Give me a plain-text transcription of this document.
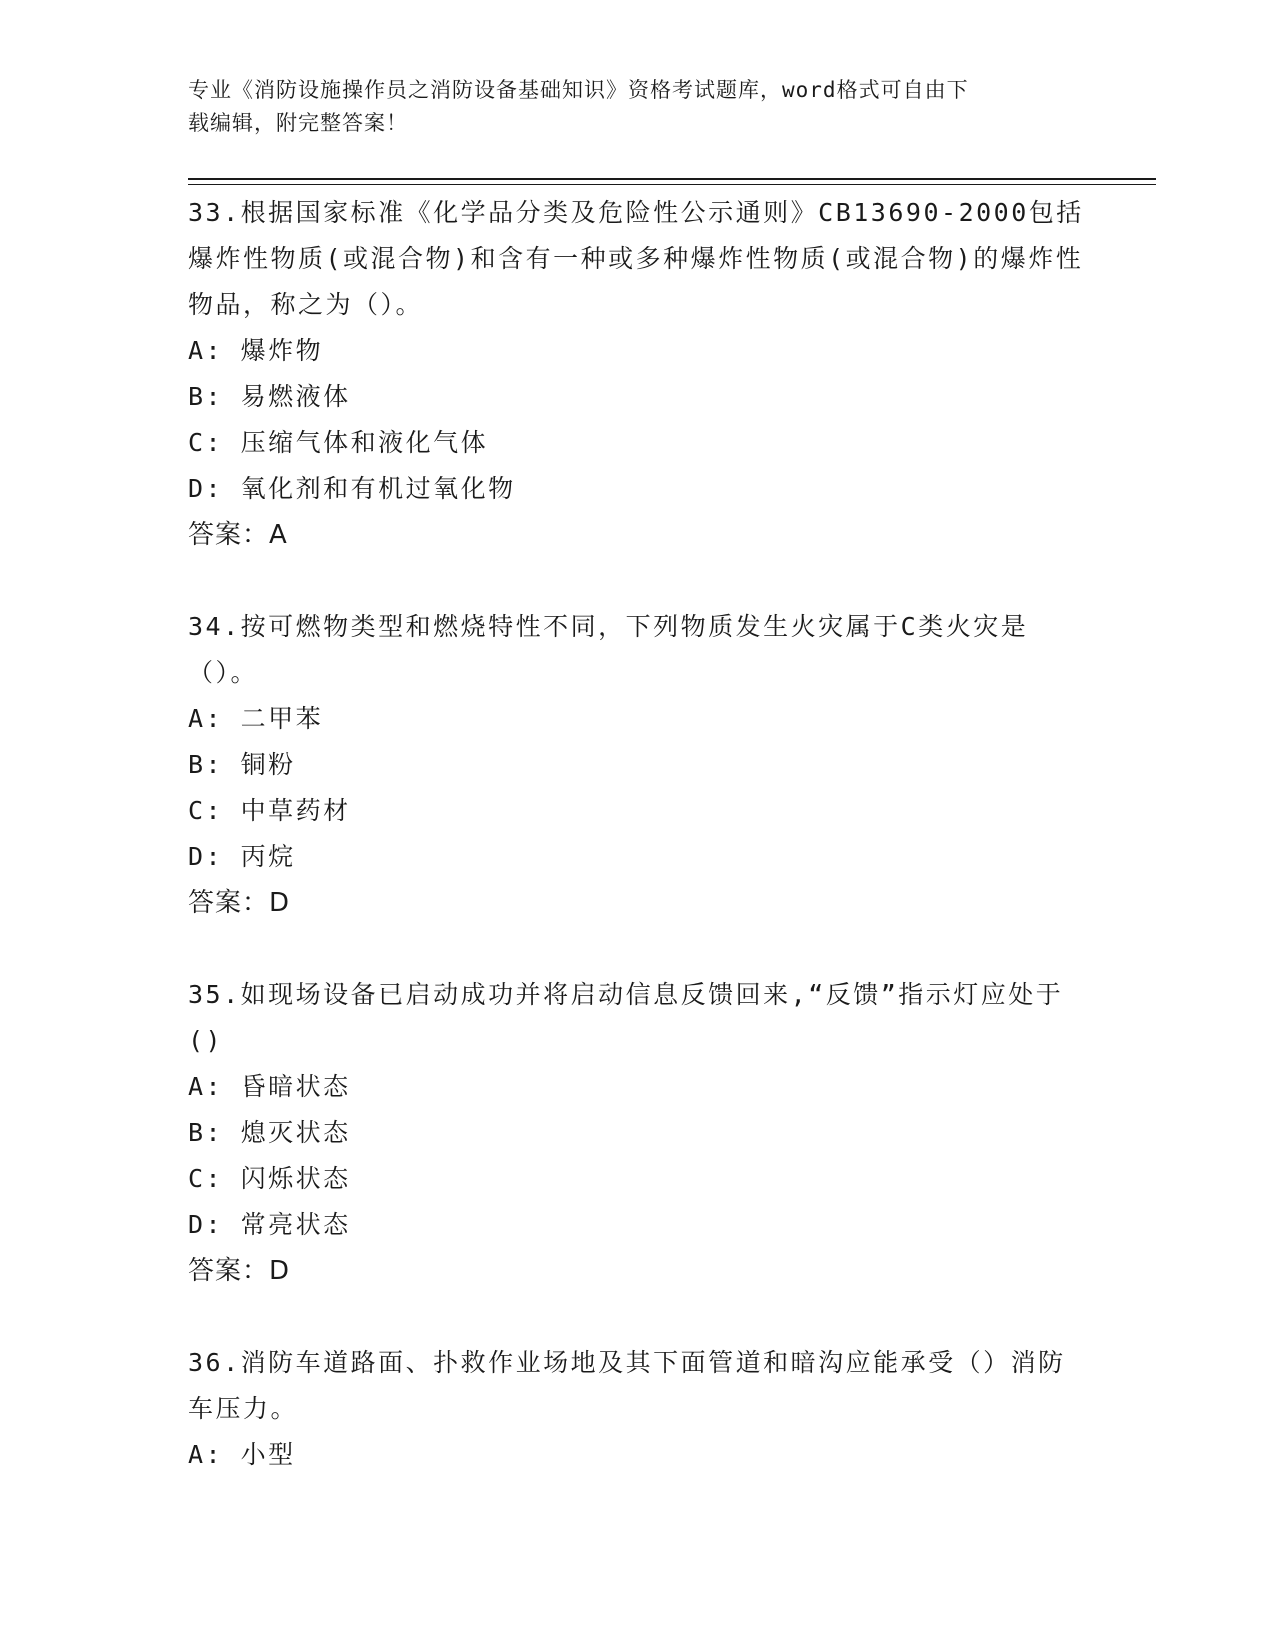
专业《消防设施操作员之消防设备基础知识》资格考试题库，word格式可自由下
载编辑，附完整答案！

33.根据国家标准《化学品分类及危险性公示通则》CB13690-2000包括爆炸性物质(或混合物)和含有一种或多种爆炸性物质(或混合物)的爆炸性物品，称之为（）。

A: 爆炸物
B: 易燃液体
C: 压缩气体和液化气体
D: 氧化剂和有机过氧化物
答案：A

34.按可燃物类型和燃烧特性不同，下列物质发生火灾属于C类火灾是（）。

A: 二甲苯
B: 铜粉
C: 中草药材
D: 丙烷
答案：D

35.如现场设备已启动成功并将启动信息反馈回来,“反馈”指示灯应处于()

A: 昏暗状态
B: 熄灭状态
C: 闪烁状态
D: 常亮状态
答案：D

36.消防车道路面、扑救作业场地及其下面管道和暗沟应能承受（）消防车压力。

A: 小型
